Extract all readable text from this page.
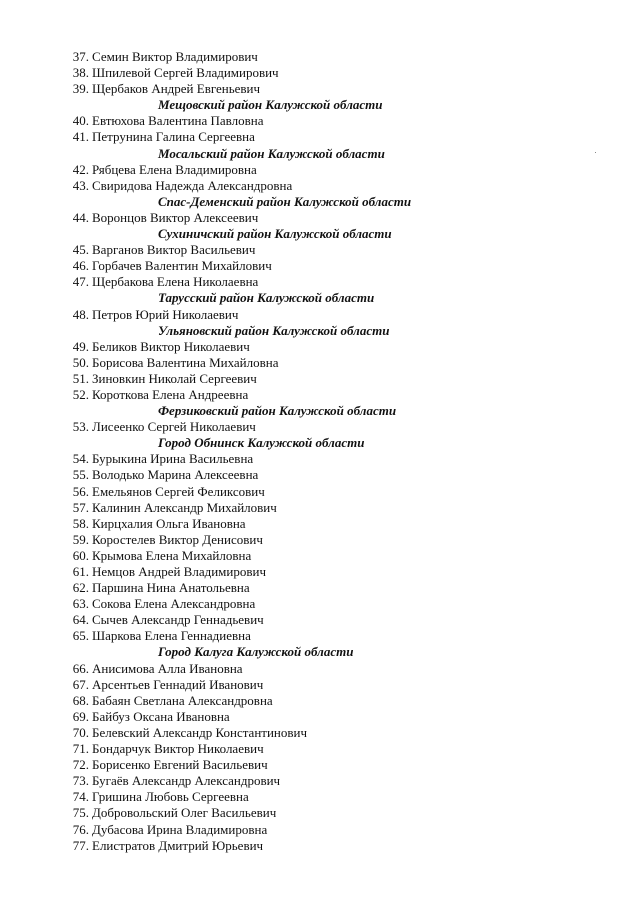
37. Семин Виктор Владимирович
38. Шпилевой Сергей Владимирович
39. Щербаков Андрей Евгеньевич
Мещовский район Калужской области
40. Евтюхова Валентина Павловна
41. Петрунина Галина Сергеевна
Мосальский район Калужской области
42. Рябцева Елена Владимировна
43. Свиридова Надежда Александровна
Спас-Деменский район Калужской области
44. Воронцов Виктор Алексеевич
Сухиничский район Калужской области
45. Варганов Виктор Васильевич
46. Горбачев Валентин Михайлович
47. Щербакова Елена Николаевна
Тарусский район Калужской области
48. Петров Юрий Николаевич
Ульяновский район Калужской области
49. Беликов Виктор Николаевич
50. Борисова Валентина Михайловна
51. Зиновкин Николай Сергеевич
52. Короткова Елена Андреевна
Ферзиковский район Калужской области
53. Лисеенко Сергей Николаевич
Город Обнинск Калужской области
54. Бурыкина Ирина Васильевна
55. Володько Марина Алексеевна
56. Емельянов Сергей Феликсович
57. Калинин Александр Михайлович
58. Кирцхалия Ольга Ивановна
59. Коростелев Виктор Денисович
60. Крымова Елена Михайловна
61. Немцов Андрей Владимирович
62. Паршина Нина Анатольевна
63. Сокова Елена Александровна
64. Сычев Александр Геннадьевич
65. Шаркова Елена Геннадиевна
Город Калуга Калужской области
66. Анисимова Алла Ивановна
67. Арсентьев Геннадий Иванович
68. Бабаян Светлана Александровна
69. Байбуз Оксана Ивановна
70. Белевский Александр Константинович
71. Бондарчук Виктор Николаевич
72. Борисенко Евгений Васильевич
73. Бугаёв Александр Александрович
74. Гришина Любовь Сергеевна
75. Добровольский Олег Васильевич
76. Дубасова Ирина Владимировна
77. Елистратов Дмитрий Юрьевич
